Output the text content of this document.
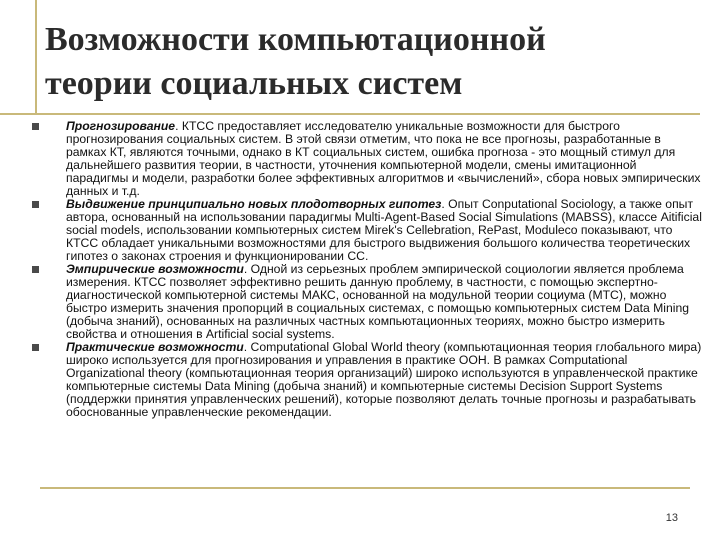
Возможности компьютационной
теории социальных систем
Прогнозирование. КТСС предоставляет исследователю уникальные возможности для быстрого прогнозирования социальных систем. В этой связи отметим, что пока не все прогнозы, разработанные в рамках КТ, являются точными, однако в КТ социальных систем, ошибка прогноза - это мощный стимул для дальнейшего развития теории, в частности, уточнения компьютерной модели, смены имитационной парадигмы и модели, разработки более эффективных алгоритмов и «вычислений», сбора новых эмпирических данных и т.д.
Выдвижение принципиально новых плодотворных гипотез. Опыт Conputational Sociology, а также опыт автора, основанный на использовании парадигмы Multi-Agent-Based Social Simulations (MABSS), классе Aitificial social models, использовании компьютерных систем Mirek's Cellebration, RePast, Moduleco показывают, что КТСС обладает уникальными возможностями для быстрого выдвижения большого количества теоретических гипотез о законах строения и функционировании СС.
Эмпирические возможности. Одной из серьезных проблем эмпирической социологии является проблема измерения. КТСС позволяет эффективно решить данную проблему, в частности, с помощью экспертно-диагностической компьютерной системы МАКС, основанной на модульной теории социума (МТС), можно быстро измерить значения пропорций в социальных системах, с помощью компьютерных систем Data Mining (добыча знаний), основанных на различных частных компьютационных теориях, можно быстро измерить свойства и отношения в Artificial social systems.
Практические возможности. Computational Global World theory (компьютационная теория глобального мира) широко используется для прогнозирования и управления в практике ООН. В рамках Computational Organizational theory (компьютационная теория организаций) широко используются в управленческой практике компьютерные системы Data Mining (добыча знаний) и компьютерные системы Decision Support Systems (поддержки принятия управленческих решений), которые позволяют делать точные прогнозы и разрабатывать обоснованные управленческие рекомендации.
13
